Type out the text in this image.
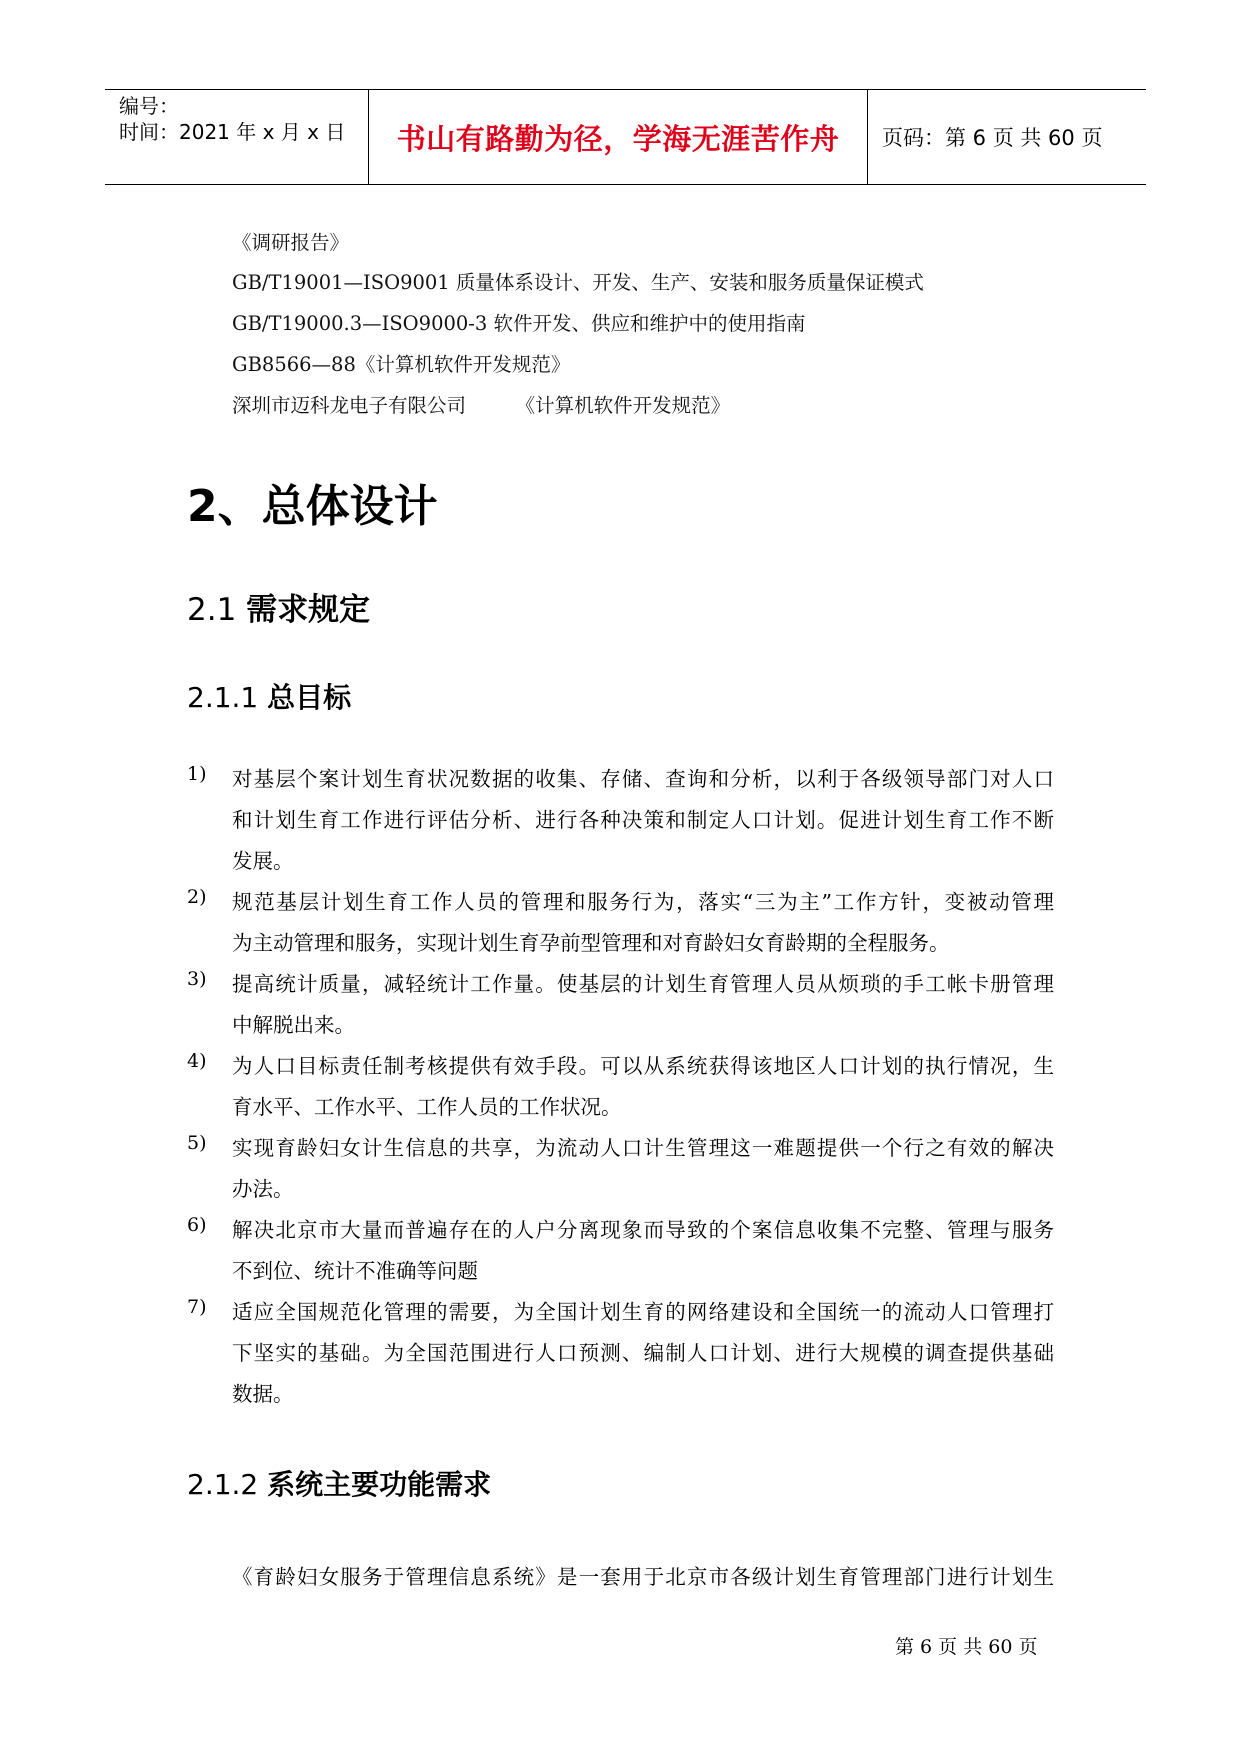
编号：
时间：2021 年 x 月 x 日 书山有路勤为径，学海无涯苦作舟 页码：第 6 页 共 60 页
《调研报告》
GB/T19001—ISO9001 质量体系设计、开发、生产、安装和服务质量保证模式
GB/T19000.3—ISO9000-3 软件开发、供应和维护中的使用指南
GB8566—88《计算机软件开发规范》
深圳市迈科龙电子有限公司        《计算机软件开发规范》
2、总体设计
2.1 需求规定
2.1.1 总目标
1) 对基层个案计划生育状况数据的收集、存储、查询和分析，以利于各级领导部门对人口
和计划生育工作进行评估分析、进行各种决策和制定人口计划。促进计划生育工作不断
发展。
2) 规范基层计划生育工作人员的管理和服务行为，落实“三为主”工作方针，变被动管理
为主动管理和服务，实现计划生育孕前型管理和对育龄妇女育龄期的全程服务。
3) 提高统计质量，减轻统计工作量。使基层的计划生育管理人员从烦琐的手工帐卡册管理
中解脱出来。
4) 为人口目标责任制考核提供有效手段。可以从系统获得该地区人口计划的执行情况，生
育水平、工作水平、工作人员的工作状况。
5) 实现育龄妇女计生信息的共享，为流动人口计生管理这一难题提供一个行之有效的解决
办法。
6) 解决北京市大量而普遍存在的人户分离现象而导致的个案信息收集不完整、管理与服务
不到位、统计不准确等问题
7) 适应全国规范化管理的需要，为全国计划生育的网络建设和全国统一的流动人口管理打
下坚实的基础。为全国范围进行人口预测、编制人口计划、进行大规模的调查提供基础
数据。
2.1.2 系统主要功能需求
《育龄妇女服务于管理信息系统》是一套用于北京市各级计划生育管理部门进行计划生
第 6 页 共 60 页
